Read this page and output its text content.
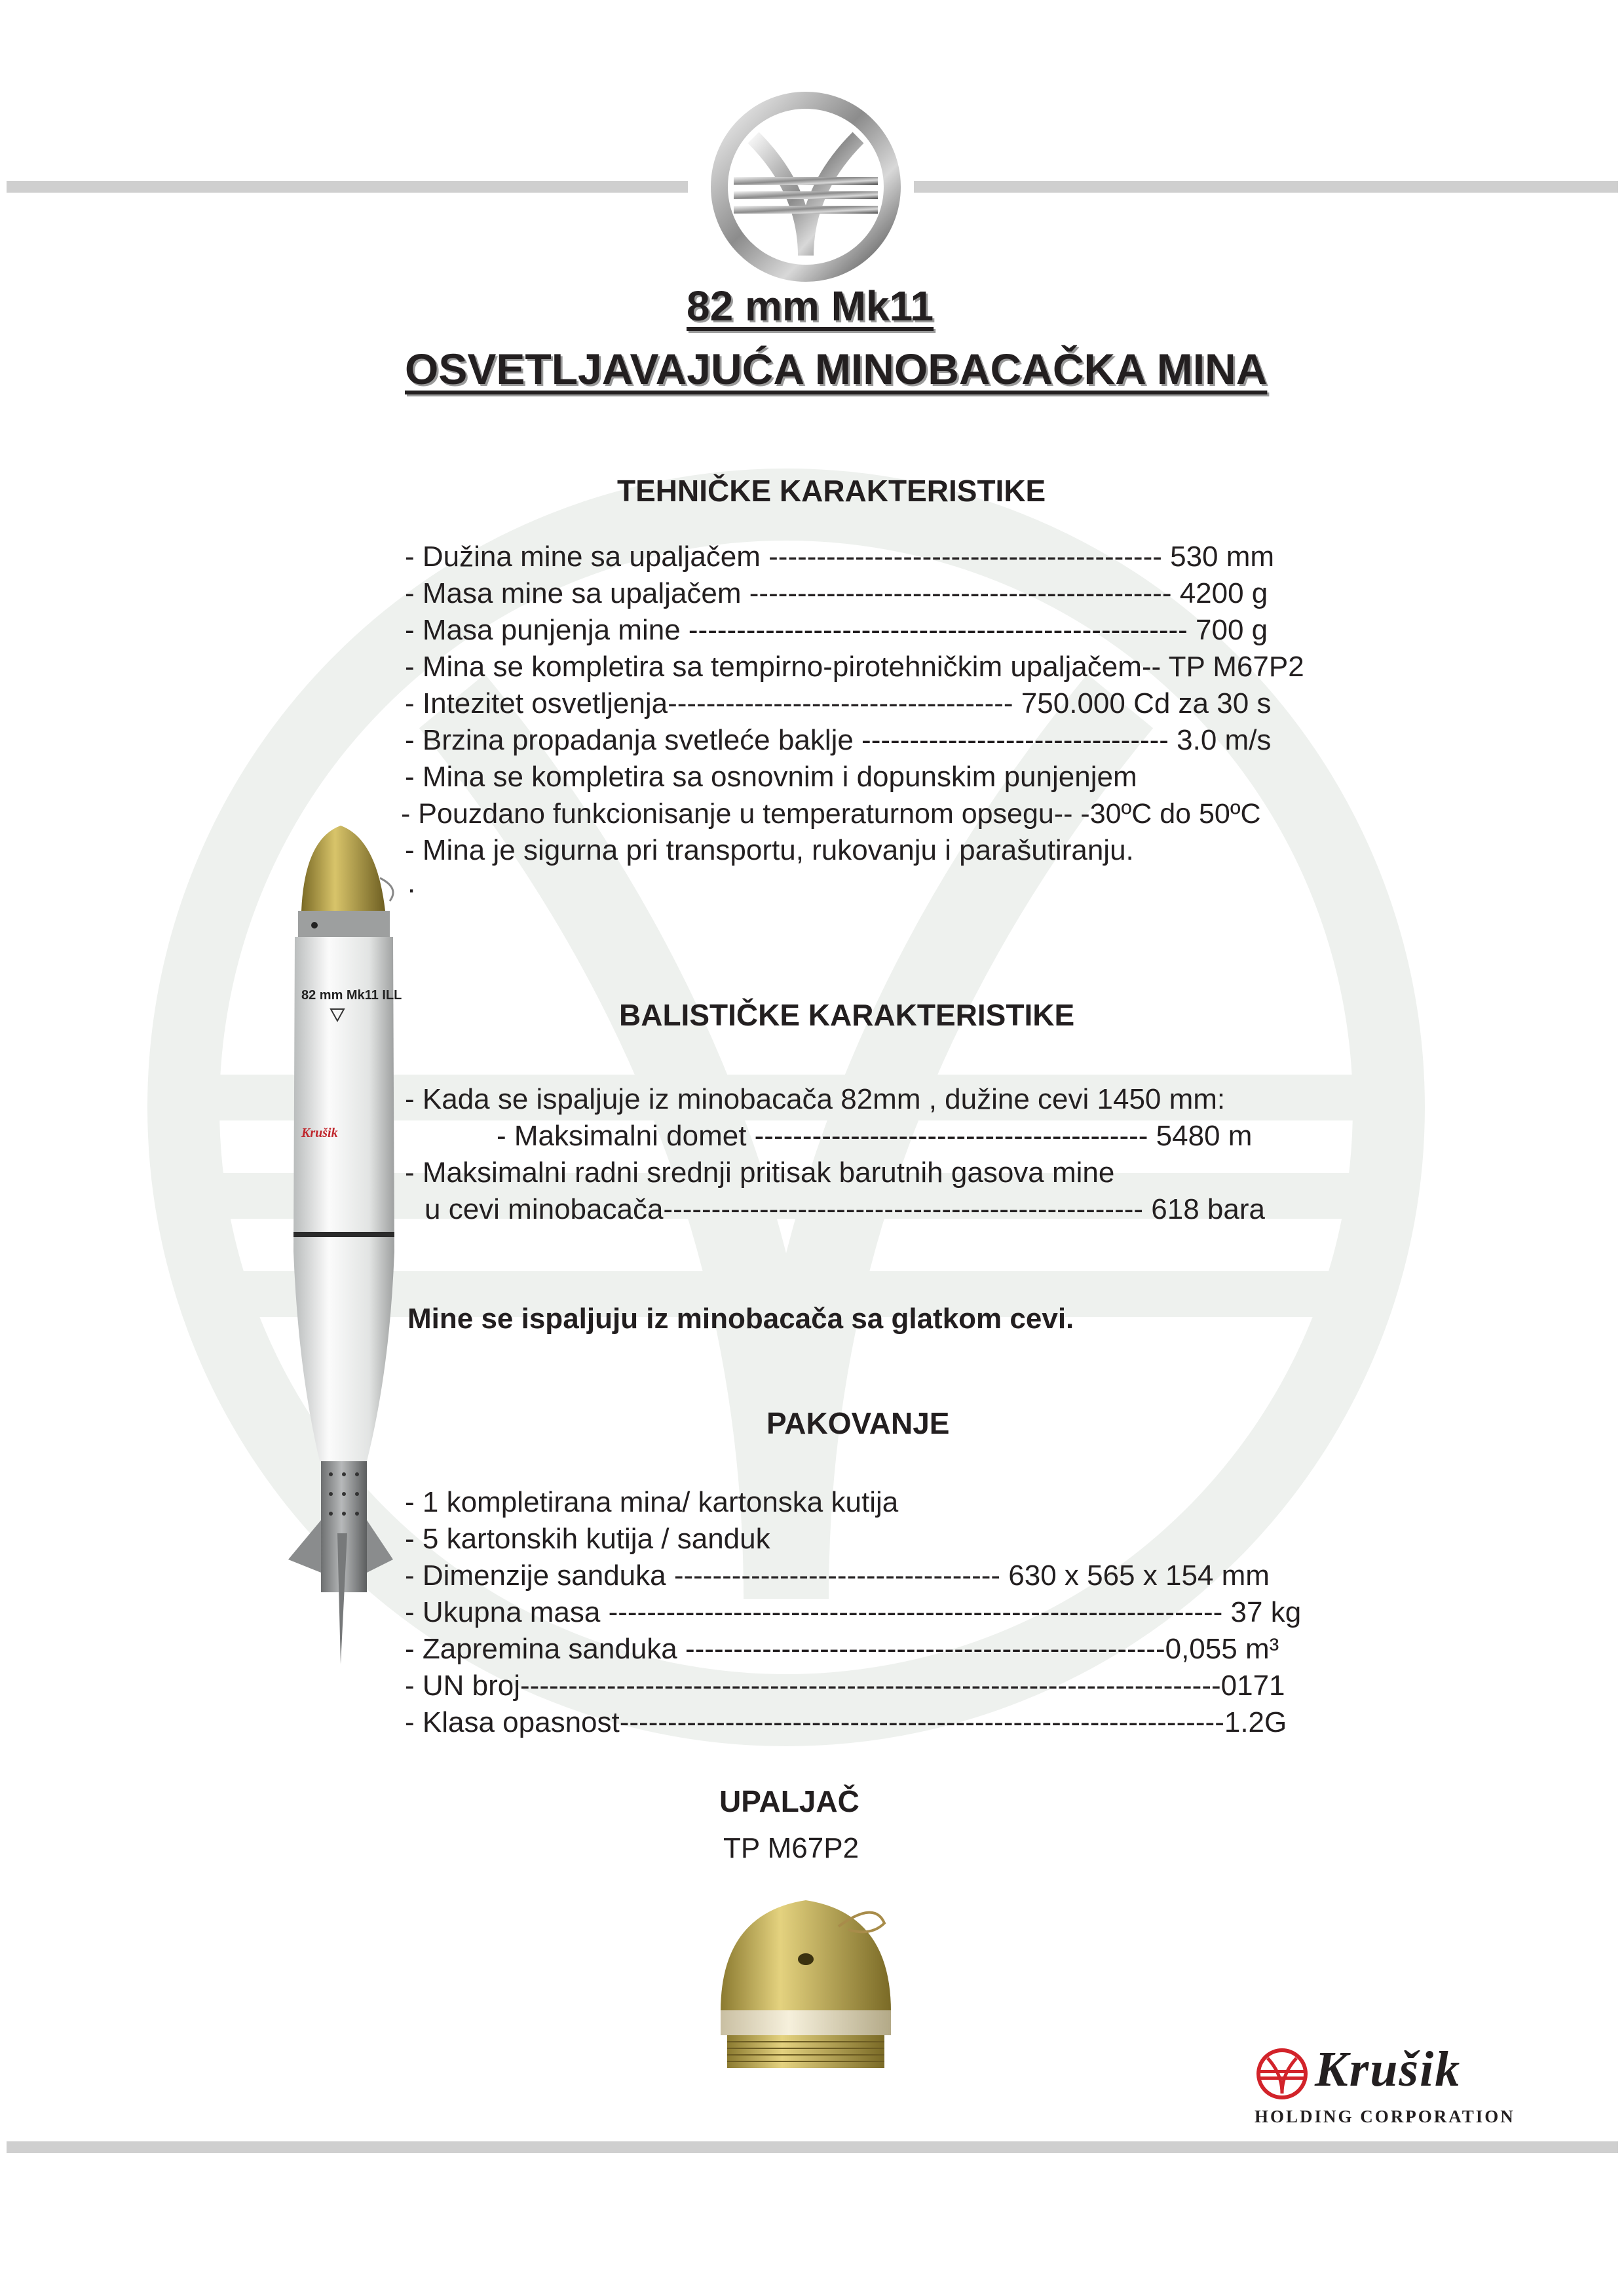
82 mm Mk11
OSVETLJAVAJUĆA MINOBACAČKA MINA
TEHNIČKE KARAKTERISTIKE
- Dužina mine sa upaljačem ----------------------------------------- 530 mm
- Masa mine sa upaljačem -------------------------------------------- 4200 g
- Masa punjenja mine ---------------------------------------------------- 700 g
- Mina se kompletira sa tempirno-pirotehničkim upaljačem-- TP M67P2
- Intezitet osvetljenja------------------------------------ 750.000 Cd za 30 s
- Brzina propadanja svetleće baklje -------------------------------- 3.0 m/s
- Mina se kompletira sa osnovnim i dopunskim punjenjem
- Pouzdano funkcionisanje u temperaturnom opsegu-- -30ºC do 50ºC
- Mina je sigurna pri transportu, rukovanju i parašutiranju.
.
82 mm Mk11 ILL
Krušik
BALISTIČKE KARAKTERISTIKE
- Kada se ispaljuje iz minobacača 82mm , dužine cevi 1450 mm:
- Maksimalni domet ----------------------------------------- 5480 m
- Maksimalni radni srednji pritisak barutnih gasova mine
u cevi minobacača-------------------------------------------------- 618 bara
Mine se ispaljuju iz minobacača sa glatkom cevi.
PAKOVANJE
- 1 kompletirana mina/ kartonska kutija
- 5 kartonskih kutija / sanduk
- Dimenzije sanduka ---------------------------------- 630 x 565 x 154 mm
- Ukupna masa ---------------------------------------------------------------- 37 kg
- Zapremina sanduka --------------------------------------------------0,055 m³
- UN broj-------------------------------------------------------------------------0171
- Klasa opasnost---------------------------------------------------------------1.2G
UPALJAČ
TP M67P2
Krušik
HOLDING CORPORATION
